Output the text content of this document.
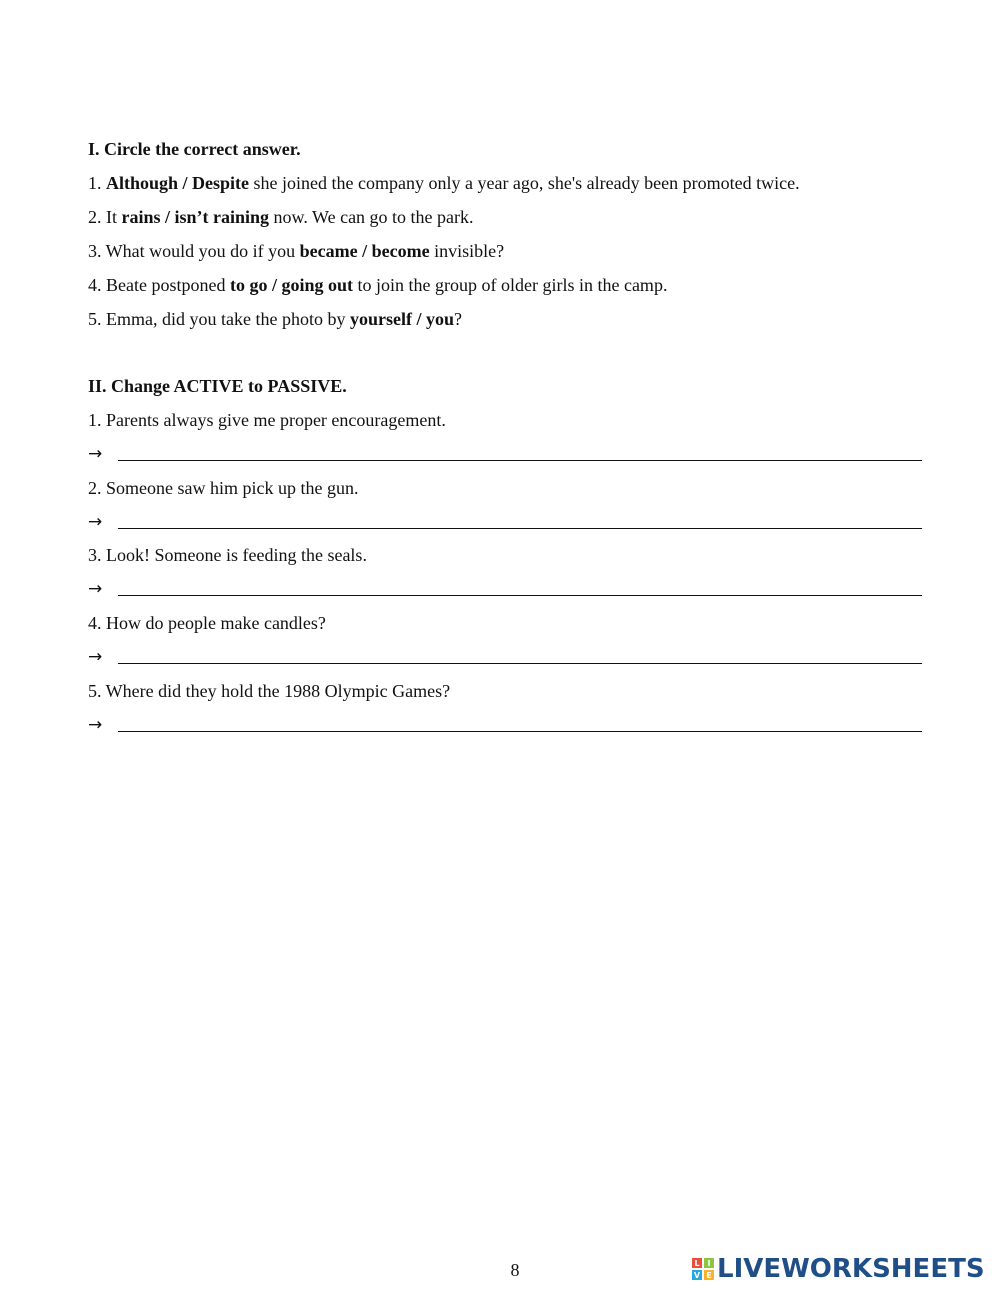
I. Circle the correct answer.
1. Although / Despite she joined the company only a year ago, she's already been promoted twice.
2. It rains / isn’t raining now. We can go to the park.
3. What would you do if you became / become invisible?
4. Beate postponed to go / going out to join the group of older girls in the camp.
5. Emma, did you take the photo by yourself / you?
II. Change ACTIVE to PASSIVE.
1. Parents always give me proper encouragement.
→
2. Someone saw him pick up the gun.
→
3. Look! Someone is feeding the seals.
→
4. How do people make candles?
→
5. Where did they hold the 1988 Olympic Games?
→
8	L I
V E LIVEWORKSHEETS
